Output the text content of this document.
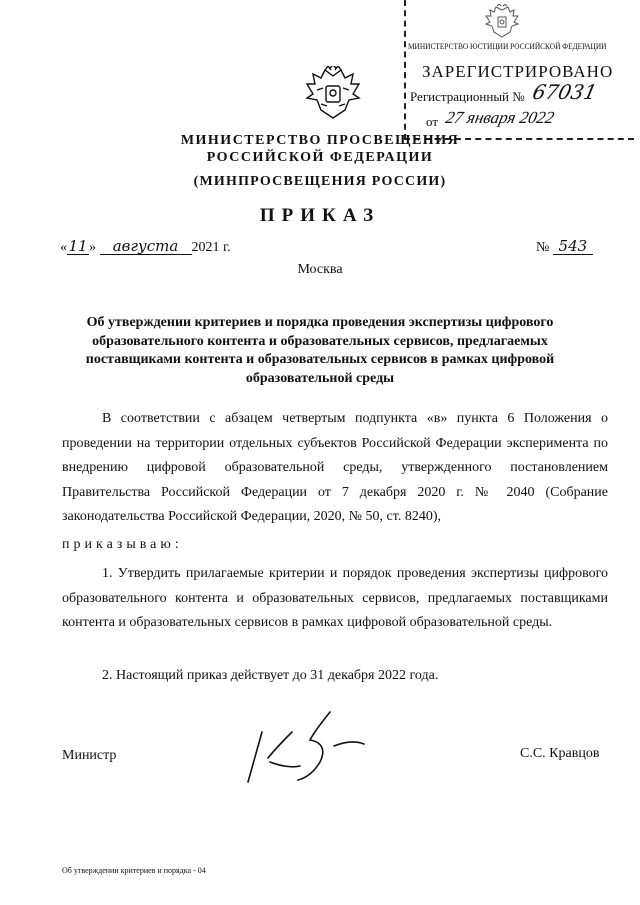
МИНИСТЕРСТВО ЮСТИЦИИ РОССИЙСКОЙ ФЕДЕРАЦИИ
ЗАРЕГИСТРИРОВАНО
Регистрационный № 67031
от 27 января 2022
МИНИСТЕРСТВО ПРОСВЕЩЕНИЯ
РОССИЙСКОЙ ФЕДЕРАЦИИ
(МИНПРОСВЕЩЕНИЯ РОССИИ)
ПРИКАЗ
«11» августа 2021 г.	№ 543
Москва
Об утверждении критериев и порядка проведения экспертизы цифрового образовательного контента и образовательных сервисов, предлагаемых поставщиками контента и образовательных сервисов в рамках цифровой образовательной среды
В соответствии с абзацем четвертым подпункта «в» пункта 6 Положения о проведении на территории отдельных субъектов Российской Федерации эксперимента по внедрению цифровой образовательной среды, утвержденного постановлением Правительства Российской Федерации от 7 декабря 2020 г. № 2040 (Собрание законодательства Российской Федерации, 2020, № 50, ст. 8240),
приказываю:
1. Утвердить прилагаемые критерии и порядок проведения экспертизы цифрового образовательного контента и образовательных сервисов, предлагаемых поставщиками контента и образовательных сервисов в рамках цифровой образовательной среды.
2. Настоящий приказ действует до 31 декабря 2022 года.
Министр	С.С. Кравцов
Об утверждении критериев и порядка - 04
